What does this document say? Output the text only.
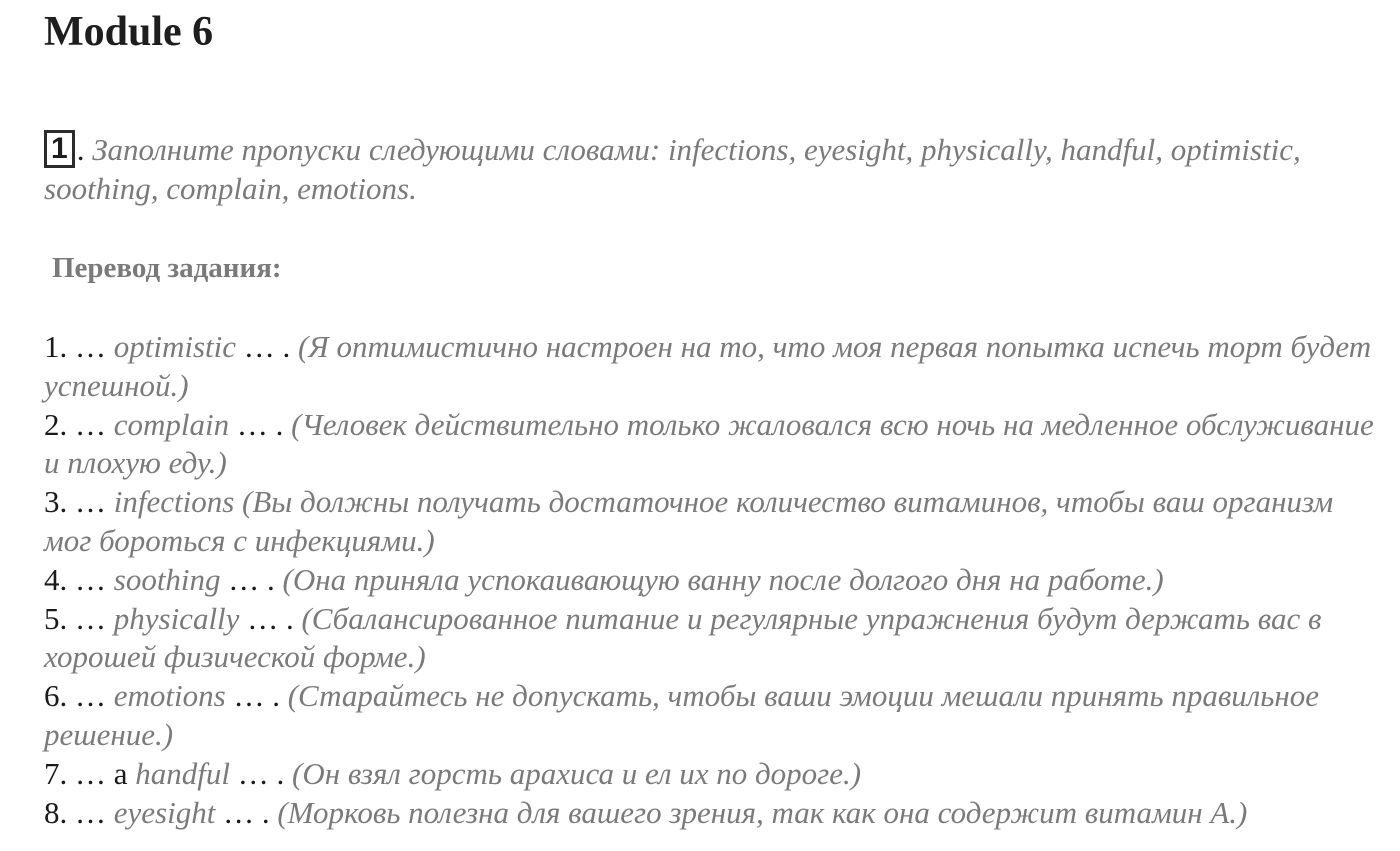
Module 6
1 . Заполните пропуски следующими словами: infections, eyesight, physically, handful, optimistic, soothing, complain, emotions.
Перевод задания:
1. … optimistic … . (Я оптимистично настроен на то, что моя первая попытка испечь торт будет успешной.)
2. … complain … . (Человек действительно только жаловался всю ночь на медленное обслуживание и плохую еду.)
3. … infections (Вы должны получать достаточное количество витаминов, чтобы ваш организм мог бороться с инфекциями.)
4. … soothing … . (Она приняла успокаивающую ванну после долгого дня на работе.)
5. … physically … . (Сбалансированное питание и регулярные упражнения будут держать вас в хорошей физической форме.)
6. … emotions … . (Старайтесь не допускать, чтобы ваши эмоции мешали принять правильное решение.)
7. … a handful … . (Он взял горсть арахиса и ел их по дороге.)
8. … eyesight … . (Морковь полезна для вашего зрения, так как она содержит витамин А.)
